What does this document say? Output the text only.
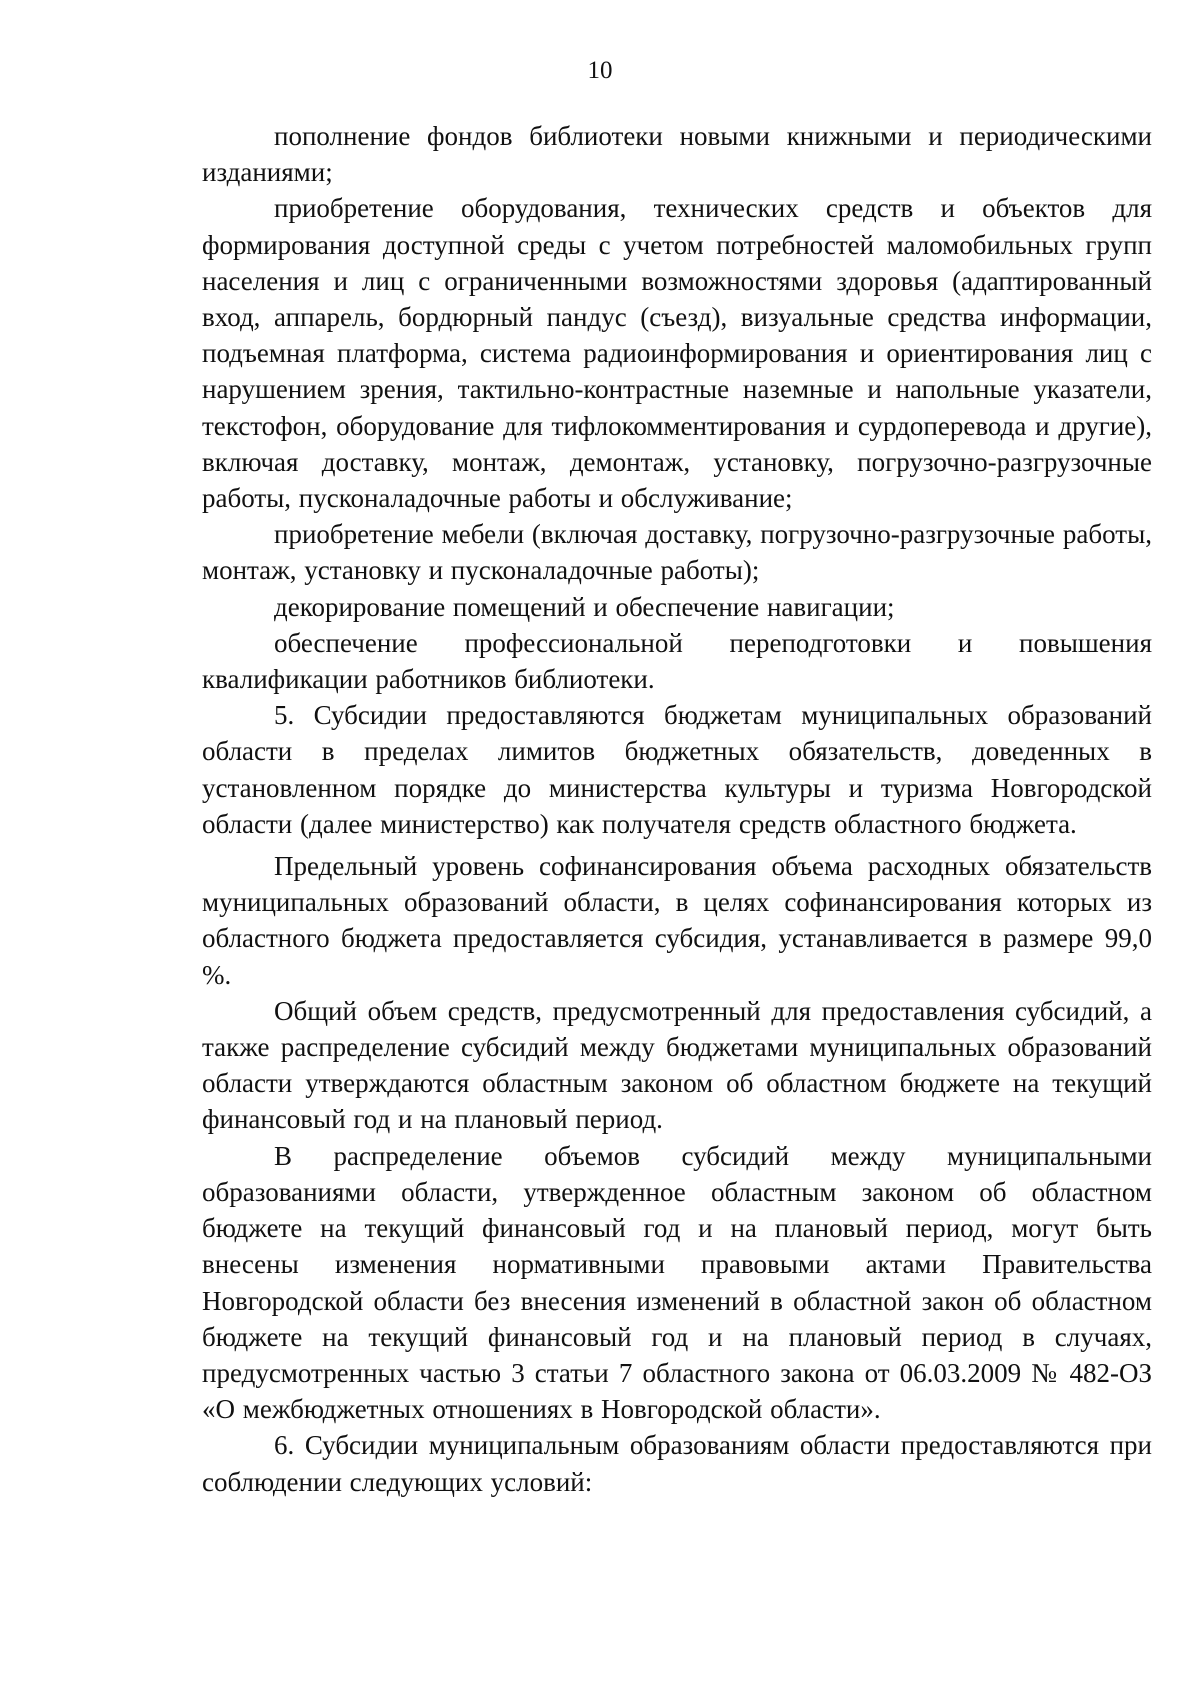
10

пополнение фондов библиотеки новыми книжными и периодическими изданиями;

приобретение оборудования, технических средств и объектов для формирования доступной среды с учетом потребностей маломобильных групп населения и лиц с ограниченными возможностями здоровья (адаптированный вход, аппарель, бордюрный пандус (съезд), визуальные средства информации, подъемная платформа, система радиоинформирования и ориентирования лиц с нарушением зрения, тактильно-контрастные наземные и напольные указатели, текстофон, оборудование для тифлокомментирования и сурдоперевода и другие), включая доставку, монтаж, демонтаж, установку, погрузочно-разгрузочные работы, пусконаладочные работы и обслуживание;

приобретение мебели (включая доставку, погрузочно-разгрузочные работы, монтаж, установку и пусконаладочные работы);

декорирование помещений и обеспечение навигации;

обеспечение профессиональной переподготовки и повышения квалификации работников библиотеки.

5. Субсидии предоставляются бюджетам муниципальных образований области в пределах лимитов бюджетных обязательств, доведенных в установленном порядке до министерства культуры и туризма Новгородской области (далее министерство) как получателя средств областного бюджета.

Предельный уровень софинансирования объема расходных обязательств муниципальных образований области, в целях софинансирования которых из областного бюджета предоставляется субсидия, устанавливается в размере 99,0 %.

Общий объем средств, предусмотренный для предоставления субсидий, а также распределение субсидий между бюджетами муниципальных образований области утверждаются областным законом об областном бюджете на текущий финансовый год и на плановый период.

В распределение объемов субсидий между муниципальными образованиями области, утвержденное областным законом об областном бюджете на текущий финансовый год и на плановый период, могут быть внесены изменения нормативными правовыми актами Правительства Новгородской области без внесения изменений в областной закон об областном бюджете на текущий финансовый год и на плановый период в случаях, предусмотренных частью 3 статьи 7 областного закона от 06.03.2009 № 482-ОЗ «О межбюджетных отношениях в Новгородской области».

6. Субсидии муниципальным образованиям области предоставляются при соблюдении следующих условий:
